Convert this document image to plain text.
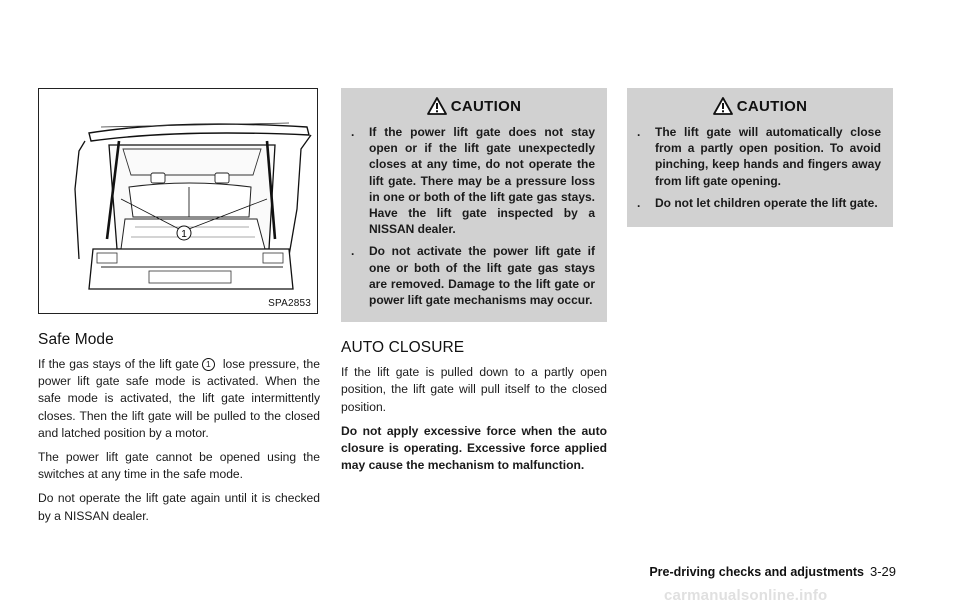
1
SPA2853
Safe Mode

If the gas stays of the lift gate 1 lose pressure, the power lift gate safe mode is activated. When the safe mode is activated, the lift gate intermittently closes. Then the lift gate will be pulled to the closed and latched position by a motor.

The power lift gate cannot be opened using the switches at any time in the safe mode.

Do not operate the lift gate again until it is checked by a NISSAN dealer.

CAUTION
. If the power lift gate does not stay open or if the lift gate unexpectedly closes at any time, do not operate the lift gate. There may be a pressure loss in one or both of the lift gate gas stays. Have the lift gate inspected by a NISSAN dealer.
. Do not activate the power lift gate if one or both of the lift gate gas stays are removed. Damage to the lift gate or power lift gate mechanisms may occur.
AUTO CLOSURE

If the lift gate is pulled down to a partly open position, the lift gate will pull itself to the closed position.

Do not apply excessive force when the auto closure is operating. Excessive force applied may cause the mechanism to malfunction.

CAUTION
. The lift gate will automatically close from a partly open position. To avoid pinching, keep hands and fingers away from lift gate opening.
. Do not let children operate the lift gate.
Pre-driving checks and adjustments 3-29
carmanualsonline.info
